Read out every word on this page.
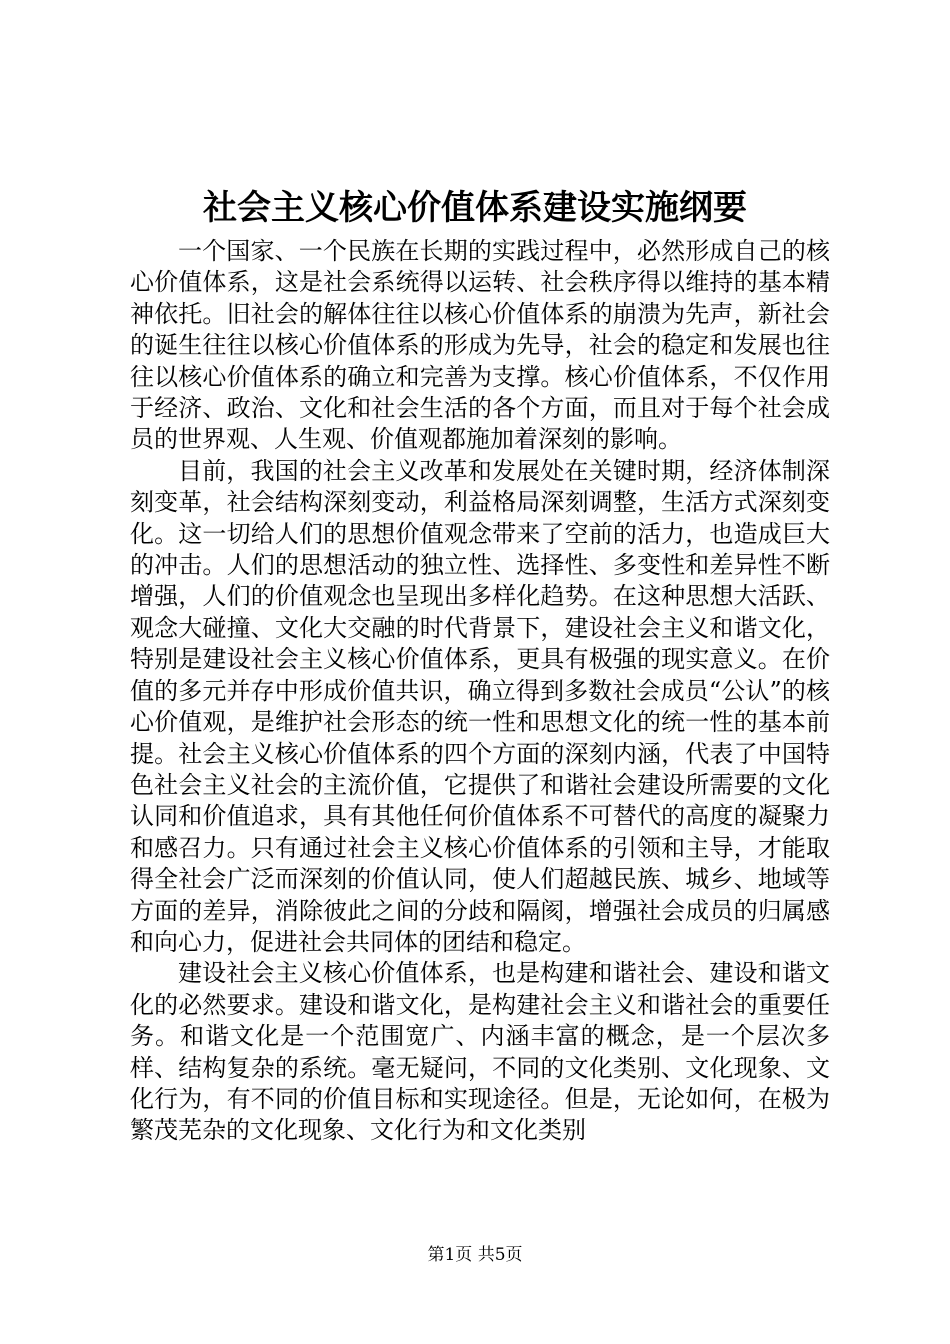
社会主义核心价值体系建设实施纲要

一个国家、一个民族在长期的实践过程中，必然形成自己的核心价值体系，这是社会系统得以运转、社会秩序得以维持的基本精神依托。旧社会的解体往往以核心价值体系的崩溃为先声，新社会的诞生往往以核心价值体系的形成为先导，社会的稳定和发展也往往以核心价值体系的确立和完善为支撑。核心价值体系，不仅作用于经济、政治、文化和社会生活的各个方面，而且对于每个社会成员的世界观、人生观、价值观都施加着深刻的影响。

目前，我国的社会主义改革和发展处在关键时期，经济体制深刻变革，社会结构深刻变动，利益格局深刻调整，生活方式深刻变化。这一切给人们的思想价值观念带来了空前的活力，也造成巨大的冲击。人们的思想活动的独立性、选择性、多变性和差异性不断增强，人们的价值观念也呈现出多样化趋势。在这种思想大活跃、观念大碰撞、文化大交融的时代背景下，建设社会主义和谐文化，特别是建设社会主义核心价值体系，更具有极强的现实意义。在价值的多元并存中形成价值共识，确立得到多数社会成员“公认”的核心价值观，是维护社会形态的统一性和思想文化的统一性的基本前提。社会主义核心价值体系的四个方面的深刻内涵，代表了中国特色社会主义社会的主流价值，它提供了和谐社会建设所需要的文化认同和价值追求，具有其他任何价值体系不可替代的高度的凝聚力和感召力。只有通过社会主义核心价值体系的引领和主导，才能取得全社会广泛而深刻的价值认同，使人们超越民族、城乡、地域等方面的差异，消除彼此之间的分歧和隔阂，增强社会成员的归属感和向心力，促进社会共同体的团结和稳定。

建设社会主义核心价值体系，也是构建和谐社会、建设和谐文化的必然要求。建设和谐文化，是构建社会主义和谐社会的重要任务。和谐文化是一个范围宽广、内涵丰富的概念，是一个层次多样、结构复杂的系统。毫无疑问，不同的文化类别、文化现象、文化行为，有不同的价值目标和实现途径。但是，无论如何，在极为繁茂芜杂的文化现象、文化行为和文化类别

第1页 共5页
